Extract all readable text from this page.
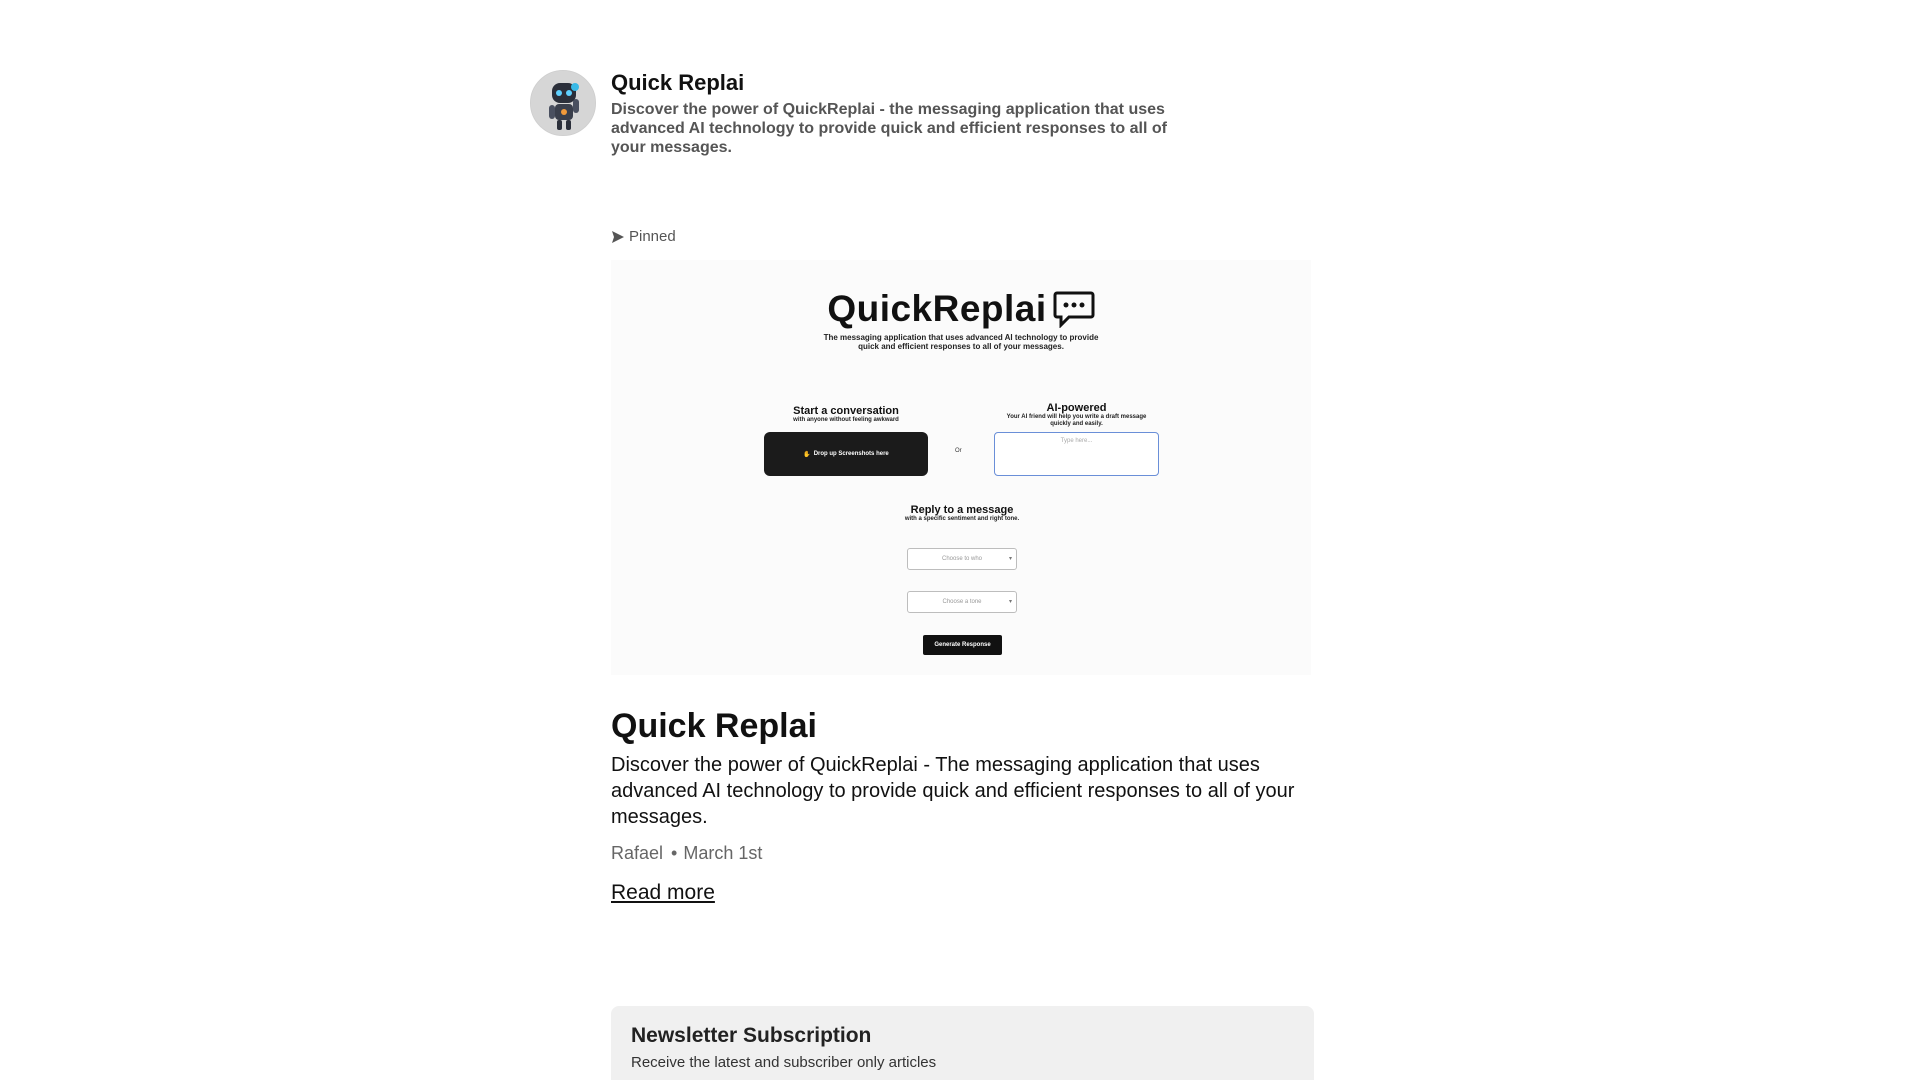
Quick Replai
Discover the power of QuickReplai - the messaging application that uses advanced AI technology to provide quick and efficient responses to all of your messages.
Pinned
QuickReplai
The messaging application that uses advanced AI technology to provide quick and efficient responses to all of your messages.
Start a conversation
with anyone without feeling awkward
✋ Drop up Screenshots here	Or
AI-powered
Your AI friend will help you write a draft message quickly and easily.
Type here...
Reply to a message
with a specific sentiment and right tone.
Choose to who	▾
Choose a tone	▾
Generate Response
Quick Replai
Discover the power of QuickReplai - The messaging application that uses advanced AI technology to provide quick and efficient responses to all of your messages.
Rafael • March 1st
Read more
Newsletter Subscription
Receive the latest and subscriber only articles
